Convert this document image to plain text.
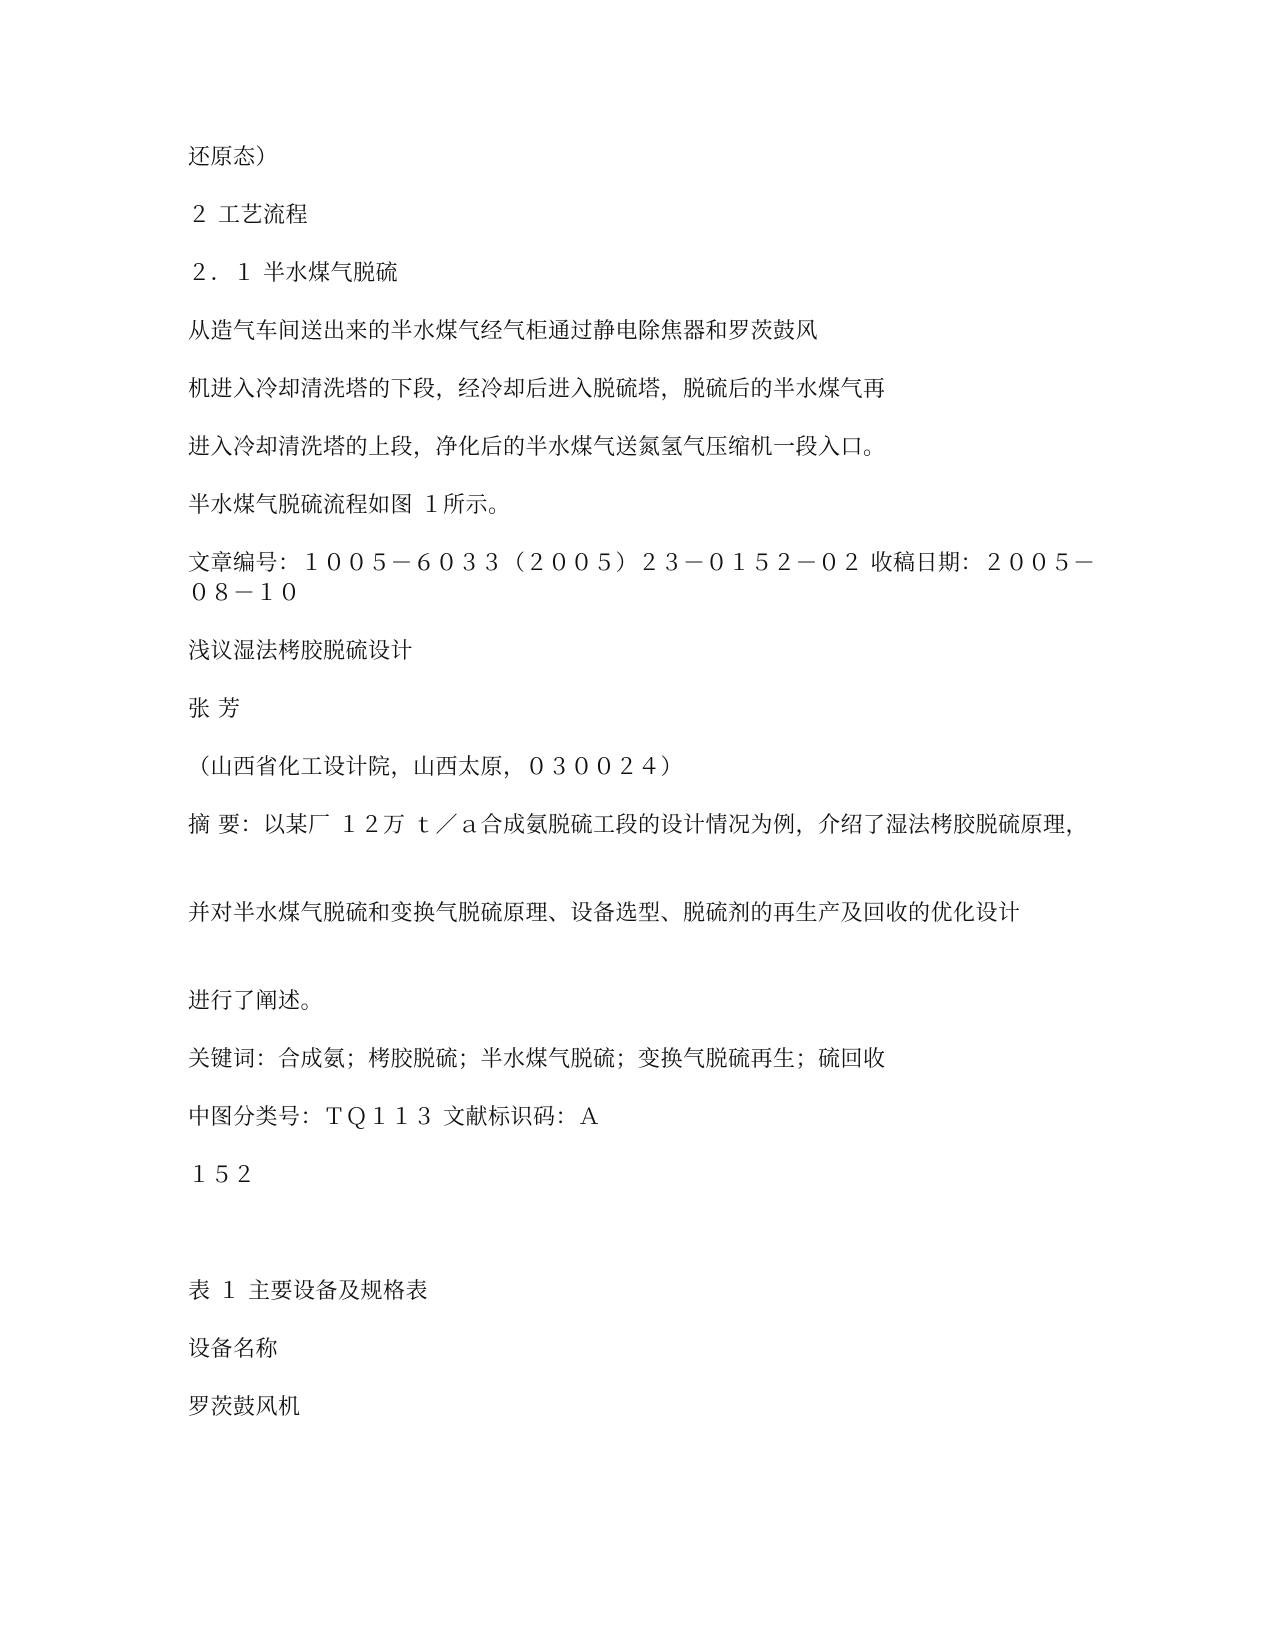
还原态）
２ 工艺流程
２．１ 半水煤气脱硫
从造气车间送出来的半水煤气经气柜通过静电除焦器和罗茨鼓风
机进入冷却清洗塔的下段，经冷却后进入脱硫塔，脱硫后的半水煤气再
进入冷却清洗塔的上段，净化后的半水煤气送氮氢气压缩机一段入口。
半水煤气脱硫流程如图 １所示。
文章编号：１００５－６０３３（２００５）２３－０１５２－０２ 收稿日期：２００５－０８－１０
浅议湿法栲胶脱硫设计
张 芳
（山西省化工设计院，山西太原，０３００２４）
摘 要：以某厂 １２万 ｔ／ａ合成氨脱硫工段的设计情况为例，介绍了湿法栲胶脱硫原理，
并对半水煤气脱硫和变换气脱硫原理、设备选型、脱硫剂的再生产及回收的优化设计
进行了阐述。
关键词：合成氨；栲胶脱硫；半水煤气脱硫；变换气脱硫再生；硫回收
中图分类号：ＴＱ１１３ 文献标识码：Ａ
１５２
表 １ 主要设备及规格表
设备名称
罗茨鼓风机
